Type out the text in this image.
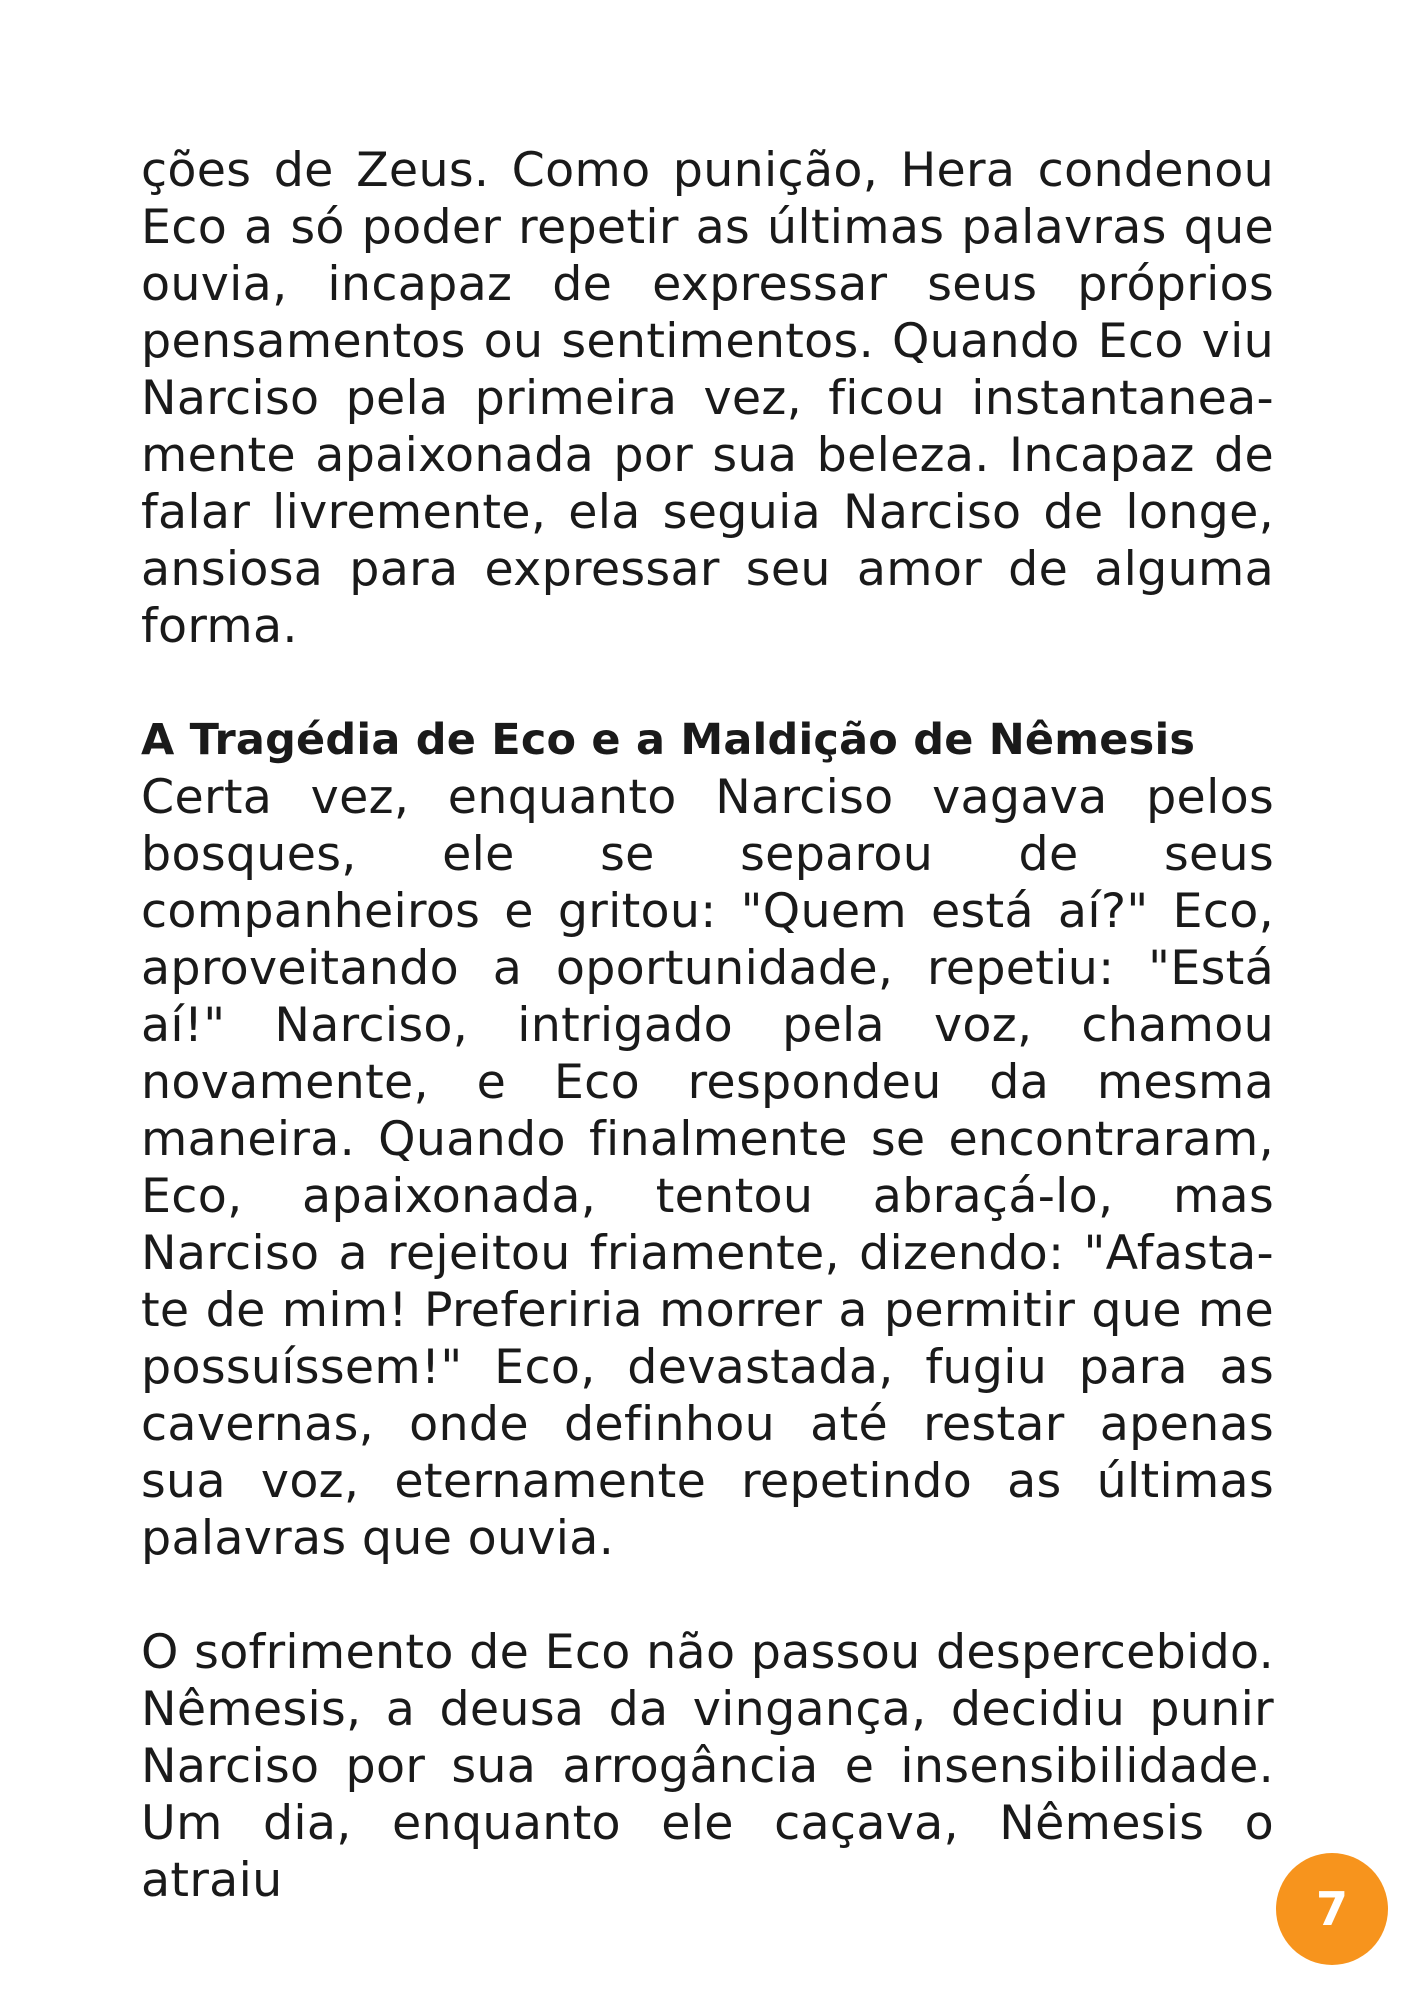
ções de Zeus. Como punição, Hera condenou Eco a só poder repetir as últimas palavras que ouvia, incapaz de expressar seus próprios pensamentos ou sentimentos. Quando Eco viu Narciso pela primeira vez, ficou instantanea-mente apaixonada por sua beleza. Incapaz de falar livremente, ela seguia Narciso de longe, ansiosa para expressar seu amor de alguma forma.

A Tragédia de Eco e a Maldição de Nêmesis

Certa vez, enquanto Narciso vagava pelos bosques, ele se separou de seus companheiros e gritou: "Quem está aí?" Eco, aproveitando a oportunidade, repetiu: "Está aí!" Narciso, intrigado pela voz, chamou novamente, e Eco respondeu da mesma maneira. Quando finalmente se encontraram, Eco, apaixonada, tentou abraçá-lo, mas Narciso a rejeitou friamente, dizendo: "Afasta-te de mim! Preferiria morrer a permitir que me possuíssem!" Eco, devastada, fugiu para as cavernas, onde definhou até restar apenas sua voz, eternamente repetindo as últimas palavras que ouvia.

O sofrimento de Eco não passou despercebido. Nêmesis, a deusa da vingança, decidiu punir Narciso por sua arrogância e insensibilidade. Um dia, enquanto ele caçava, Nêmesis o atraiu

7
